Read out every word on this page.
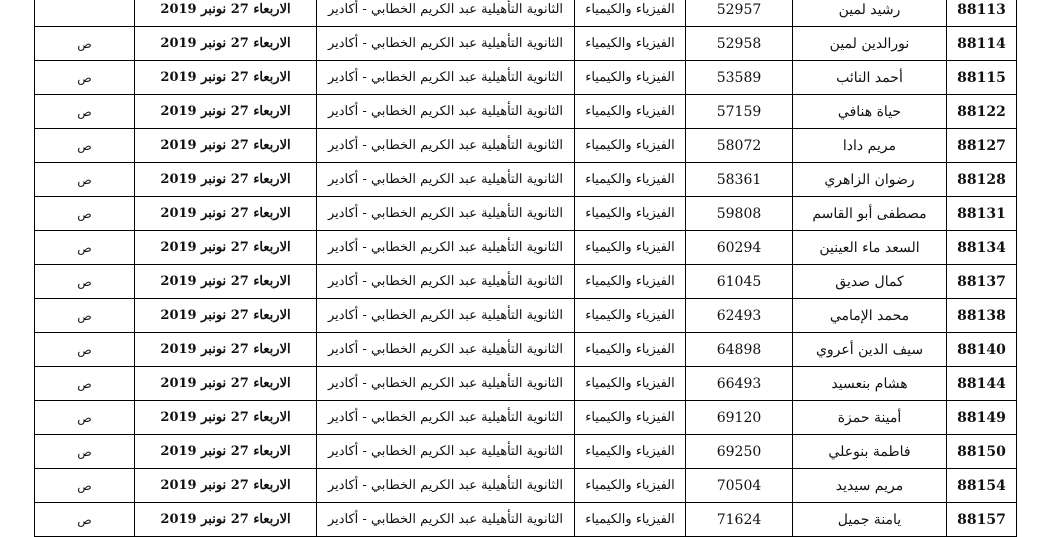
88113	رشيد لمين	52957	الفيزياء والكيمياء	الثانوية التأهيلية عبد الكريم الخطابي - أكادير	الاربعاء 27 نونبر 2019	
88114	نورالدين لمين	52958	الفيزياء والكيمياء	الثانوية التأهيلية عبد الكريم الخطابي - أكادير	الاربعاء 27 نونبر 2019	ص
88115	أحمد النائب	53589	الفيزياء والكيمياء	الثانوية التأهيلية عبد الكريم الخطابي - أكادير	الاربعاء 27 نونبر 2019	ص
88122	حياة هنافي	57159	الفيزياء والكيمياء	الثانوية التأهيلية عبد الكريم الخطابي - أكادير	الاربعاء 27 نونبر 2019	ص
88127	مريم دادا	58072	الفيزياء والكيمياء	الثانوية التأهيلية عبد الكريم الخطابي - أكادير	الاربعاء 27 نونبر 2019	ص
88128	رضوان الزاهري	58361	الفيزياء والكيمياء	الثانوية التأهيلية عبد الكريم الخطابي - أكادير	الاربعاء 27 نونبر 2019	ص
88131	مصطفى أبو القاسم	59808	الفيزياء والكيمياء	الثانوية التأهيلية عبد الكريم الخطابي - أكادير	الاربعاء 27 نونبر 2019	ص
88134	السعد ماء العينين	60294	الفيزياء والكيمياء	الثانوية التأهيلية عبد الكريم الخطابي - أكادير	الاربعاء 27 نونبر 2019	ص
88137	كمال صديق	61045	الفيزياء والكيمياء	الثانوية التأهيلية عبد الكريم الخطابي - أكادير	الاربعاء 27 نونبر 2019	ص
88138	محمد الإمامي	62493	الفيزياء والكيمياء	الثانوية التأهيلية عبد الكريم الخطابي - أكادير	الاربعاء 27 نونبر 2019	ص
88140	سيف الدين أعروي	64898	الفيزياء والكيمياء	الثانوية التأهيلية عبد الكريم الخطابي - أكادير	الاربعاء 27 نونبر 2019	ص
88144	هشام بنعسيد	66493	الفيزياء والكيمياء	الثانوية التأهيلية عبد الكريم الخطابي - أكادير	الاربعاء 27 نونبر 2019	ص
88149	أمينة حمزة	69120	الفيزياء والكيمياء	الثانوية التأهيلية عبد الكريم الخطابي - أكادير	الاربعاء 27 نونبر 2019	ص
88150	فاطمة بنوعلي	69250	الفيزياء والكيمياء	الثانوية التأهيلية عبد الكريم الخطابي - أكادير	الاربعاء 27 نونبر 2019	ص
88154	مريم سيديد	70504	الفيزياء والكيمياء	الثانوية التأهيلية عبد الكريم الخطابي - أكادير	الاربعاء 27 نونبر 2019	ص
88157	يامنة جميل	71624	الفيزياء والكيمياء	الثانوية التأهيلية عبد الكريم الخطابي - أكادير	الاربعاء 27 نونبر 2019	ص
